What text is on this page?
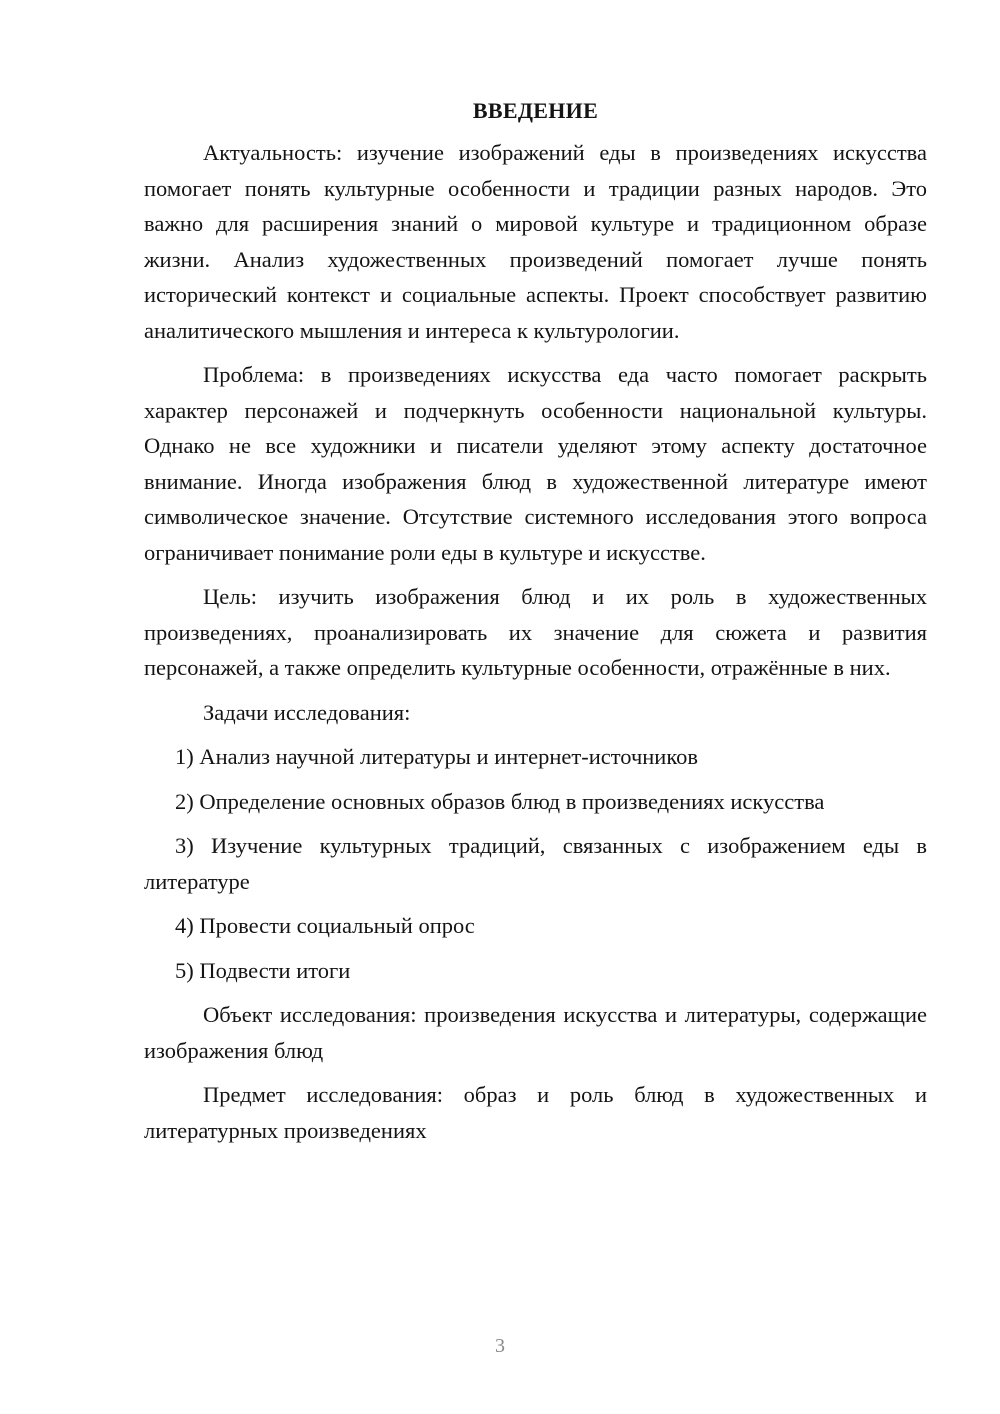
ВВЕДЕНИЕ

Актуальность: изучение изображений еды в произведениях искусства помогает понять культурные особенности и традиции разных народов. Это важно для расширения знаний о мировой культуре и традиционном образе жизни. Анализ художественных произведений помогает лучше понять исторический контекст и социальные аспекты. Проект способствует развитию аналитического мышления и интереса к культурологии.

Проблема: в произведениях искусства еда часто помогает раскрыть характер персонажей и подчеркнуть особенности национальной культуры. Однако не все художники и писатели уделяют этому аспекту достаточное внимание. Иногда изображения блюд в художественной литературе имеют символическое значение. Отсутствие системного исследования этого вопроса ограничивает понимание роли еды в культуре и искусстве.

Цель: изучить изображения блюд и их роль в художественных произведениях, проанализировать их значение для сюжета и развития персонажей, а также определить культурные особенности, отражённые в них.

Задачи исследования:

1) Анализ научной литературы и интернет-источников

2) Определение основных образов блюд в произведениях искусства

3) Изучение культурных традиций, связанных с изображением еды в литературе

4) Провести социальный опрос

5) Подвести итоги

Объект исследования: произведения искусства и литературы, содержащие изображения блюд

Предмет исследования: образ и роль блюд в художественных и литературных произведениях

3
